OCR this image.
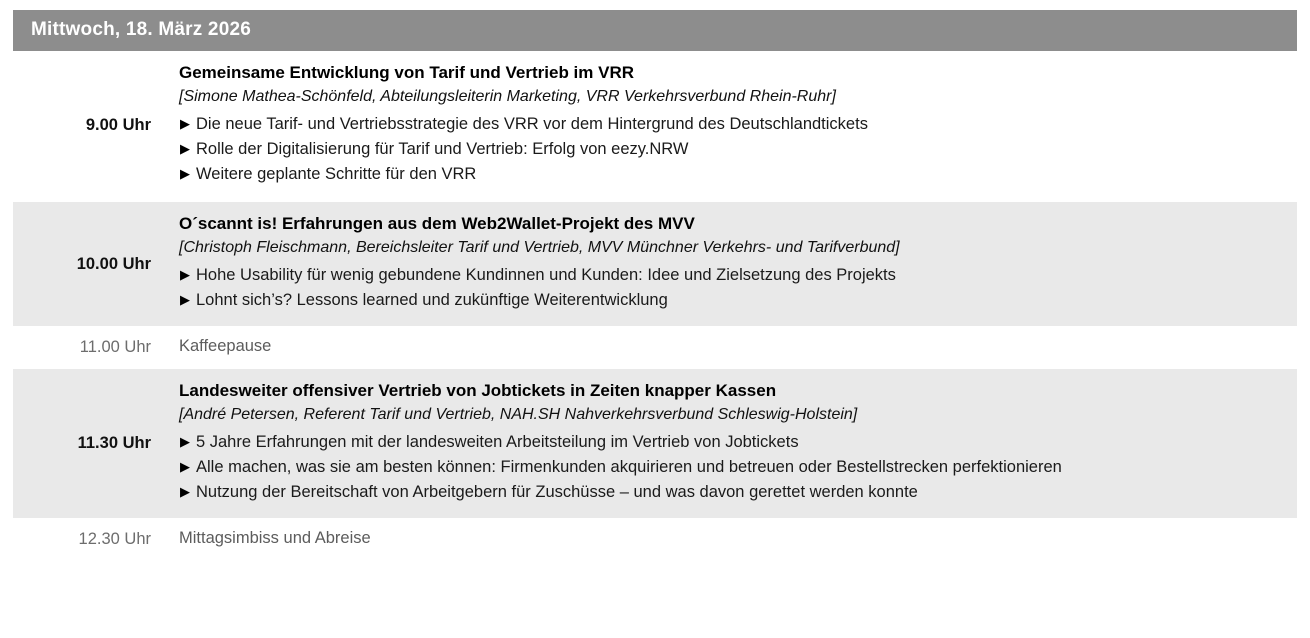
Mittwoch, 18. März 2026
9.00 Uhr
Gemeinsame Entwicklung von Tarif und Vertrieb im VRR
[Simone Mathea-Schönfeld, Abteilungsleiterin Marketing, VRR Verkehrsverbund Rhein-Ruhr]
▶ Die neue Tarif- und Vertriebsstrategie des VRR vor dem Hintergrund des Deutschlandtickets
▶ Rolle der Digitalisierung für Tarif und Vertrieb: Erfolg von eezy.NRW
▶ Weitere geplante Schritte für den VRR
10.00 Uhr
O´scannt is! Erfahrungen aus dem Web2Wallet-Projekt des MVV
[Christoph Fleischmann, Bereichsleiter Tarif und Vertrieb, MVV Münchner Verkehrs- und Tarifverbund]
▶ Hohe Usability für wenig gebundene Kundinnen und Kunden: Idee und Zielsetzung des Projekts
▶ Lohnt sich’s? Lessons learned und zukünftige Weiterentwicklung
11.00 Uhr	Kaffeepause
11.30 Uhr
Landesweiter offensiver Vertrieb von Jobtickets in Zeiten knapper Kassen
[André Petersen, Referent Tarif und Vertrieb, NAH.SH Nahverkehrsverbund Schleswig-Holstein]
▶ 5 Jahre Erfahrungen mit der landesweiten Arbeitsteilung im Vertrieb von Jobtickets
▶ Alle machen, was sie am besten können: Firmenkunden akquirieren und betreuen oder Bestellstrecken perfektionieren
▶ Nutzung der Bereitschaft von Arbeitgebern für Zuschüsse – und was davon gerettet werden konnte
12.30 Uhr	Mittagsimbiss und Abreise
